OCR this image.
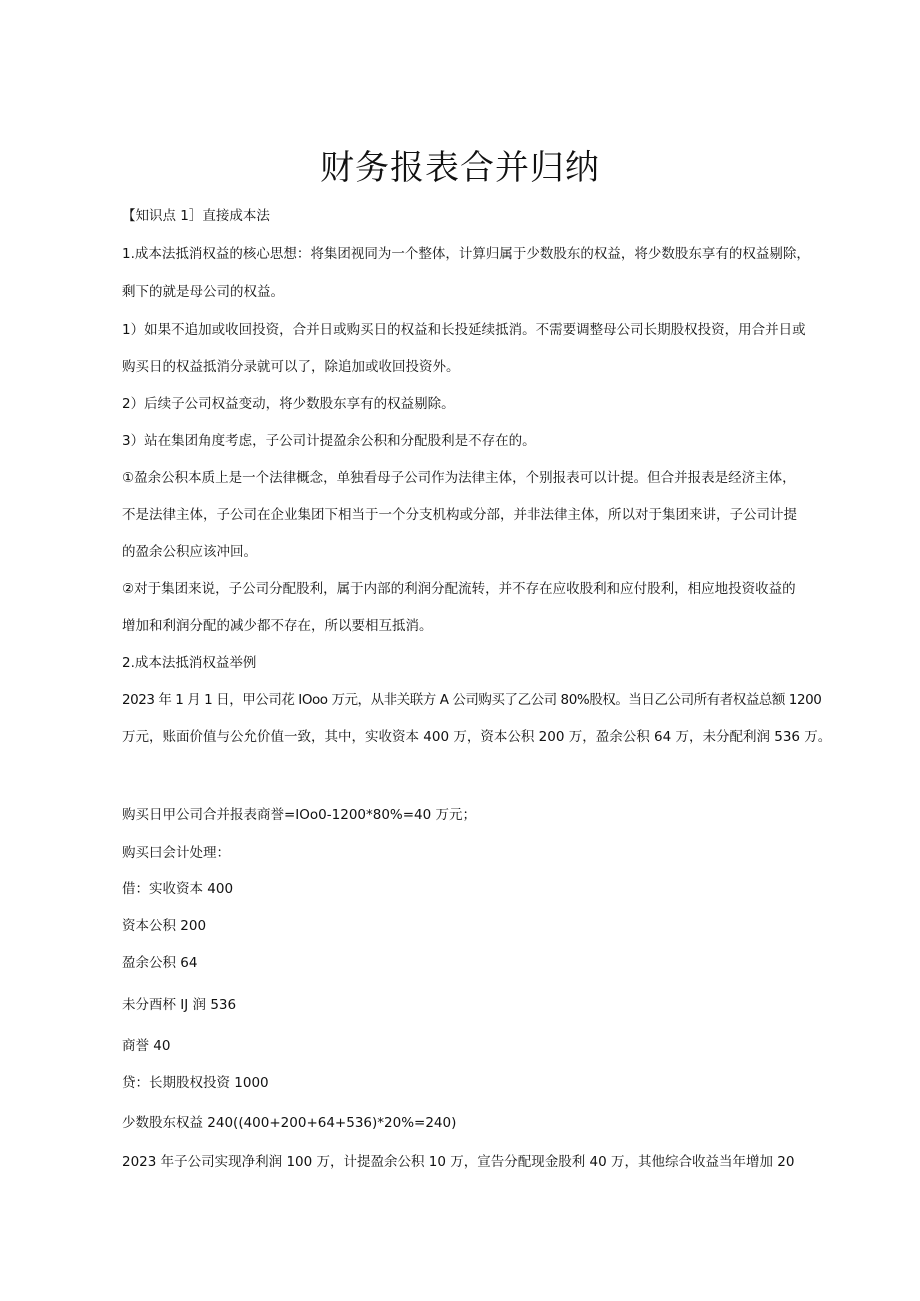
财务报表合并归纳

【知识点 1］直接成本法

1.成本法抵消权益的核心思想：将集团视同为一个整体，计算归属于少数股东的权益，将少数股东享有的权益剔除，

剩下的就是母公司的权益。

1）如果不追加或收回投资，合并日或购买日的权益和长投延续抵消。不需要调整母公司长期股权投资，用合并日或

购买日的权益抵消分录就可以了，除追加或收回投资外。

2）后续子公司权益变动，将少数股东享有的权益剔除。

3）站在集团角度考虑，子公司计提盈余公积和分配股利是不存在的。

①盈余公积本质上是一个法律概念，单独看母子公司作为法律主体，个别报表可以计提。但合并报表是经济主体，

不是法律主体，子公司在企业集团下相当于一个分支机构或分部，并非法律主体，所以对于集团来讲，子公司计提

的盈余公积应该冲回。

②对于集团来说，子公司分配股利，属于内部的利润分配流转，并不存在应收股利和应付股利，相应地投资收益的

增加和利润分配的减少都不存在，所以要相互抵消。

2.成本法抵消权益举例

2023 年 1 月 1 日，甲公司花 IOoo 万元，从非关联方 A 公司购买了乙公司 80%股权。当日乙公司所有者权益总额 1200

万元，账面价值与公允价值一致，其中，实收资本 400 万，资本公积 200 万，盈余公积 64 万，未分配利润 536 万。

购买日甲公司合并报表商誉=IOo0-1200*80%=40 万元；

购买曰会计处理：

借：实收资本 400

资本公积 200

盈余公积 64

未分酉杯 IJ 润 536

商誉 40

贷：长期股权投资 1000

少数股东权益 240((400+200+64+536)*20%=240)

2023 年子公司实现净利润 100 万，计提盈余公积 10 万，宣告分配现金股利 40 万，其他综合收益当年增加 20
